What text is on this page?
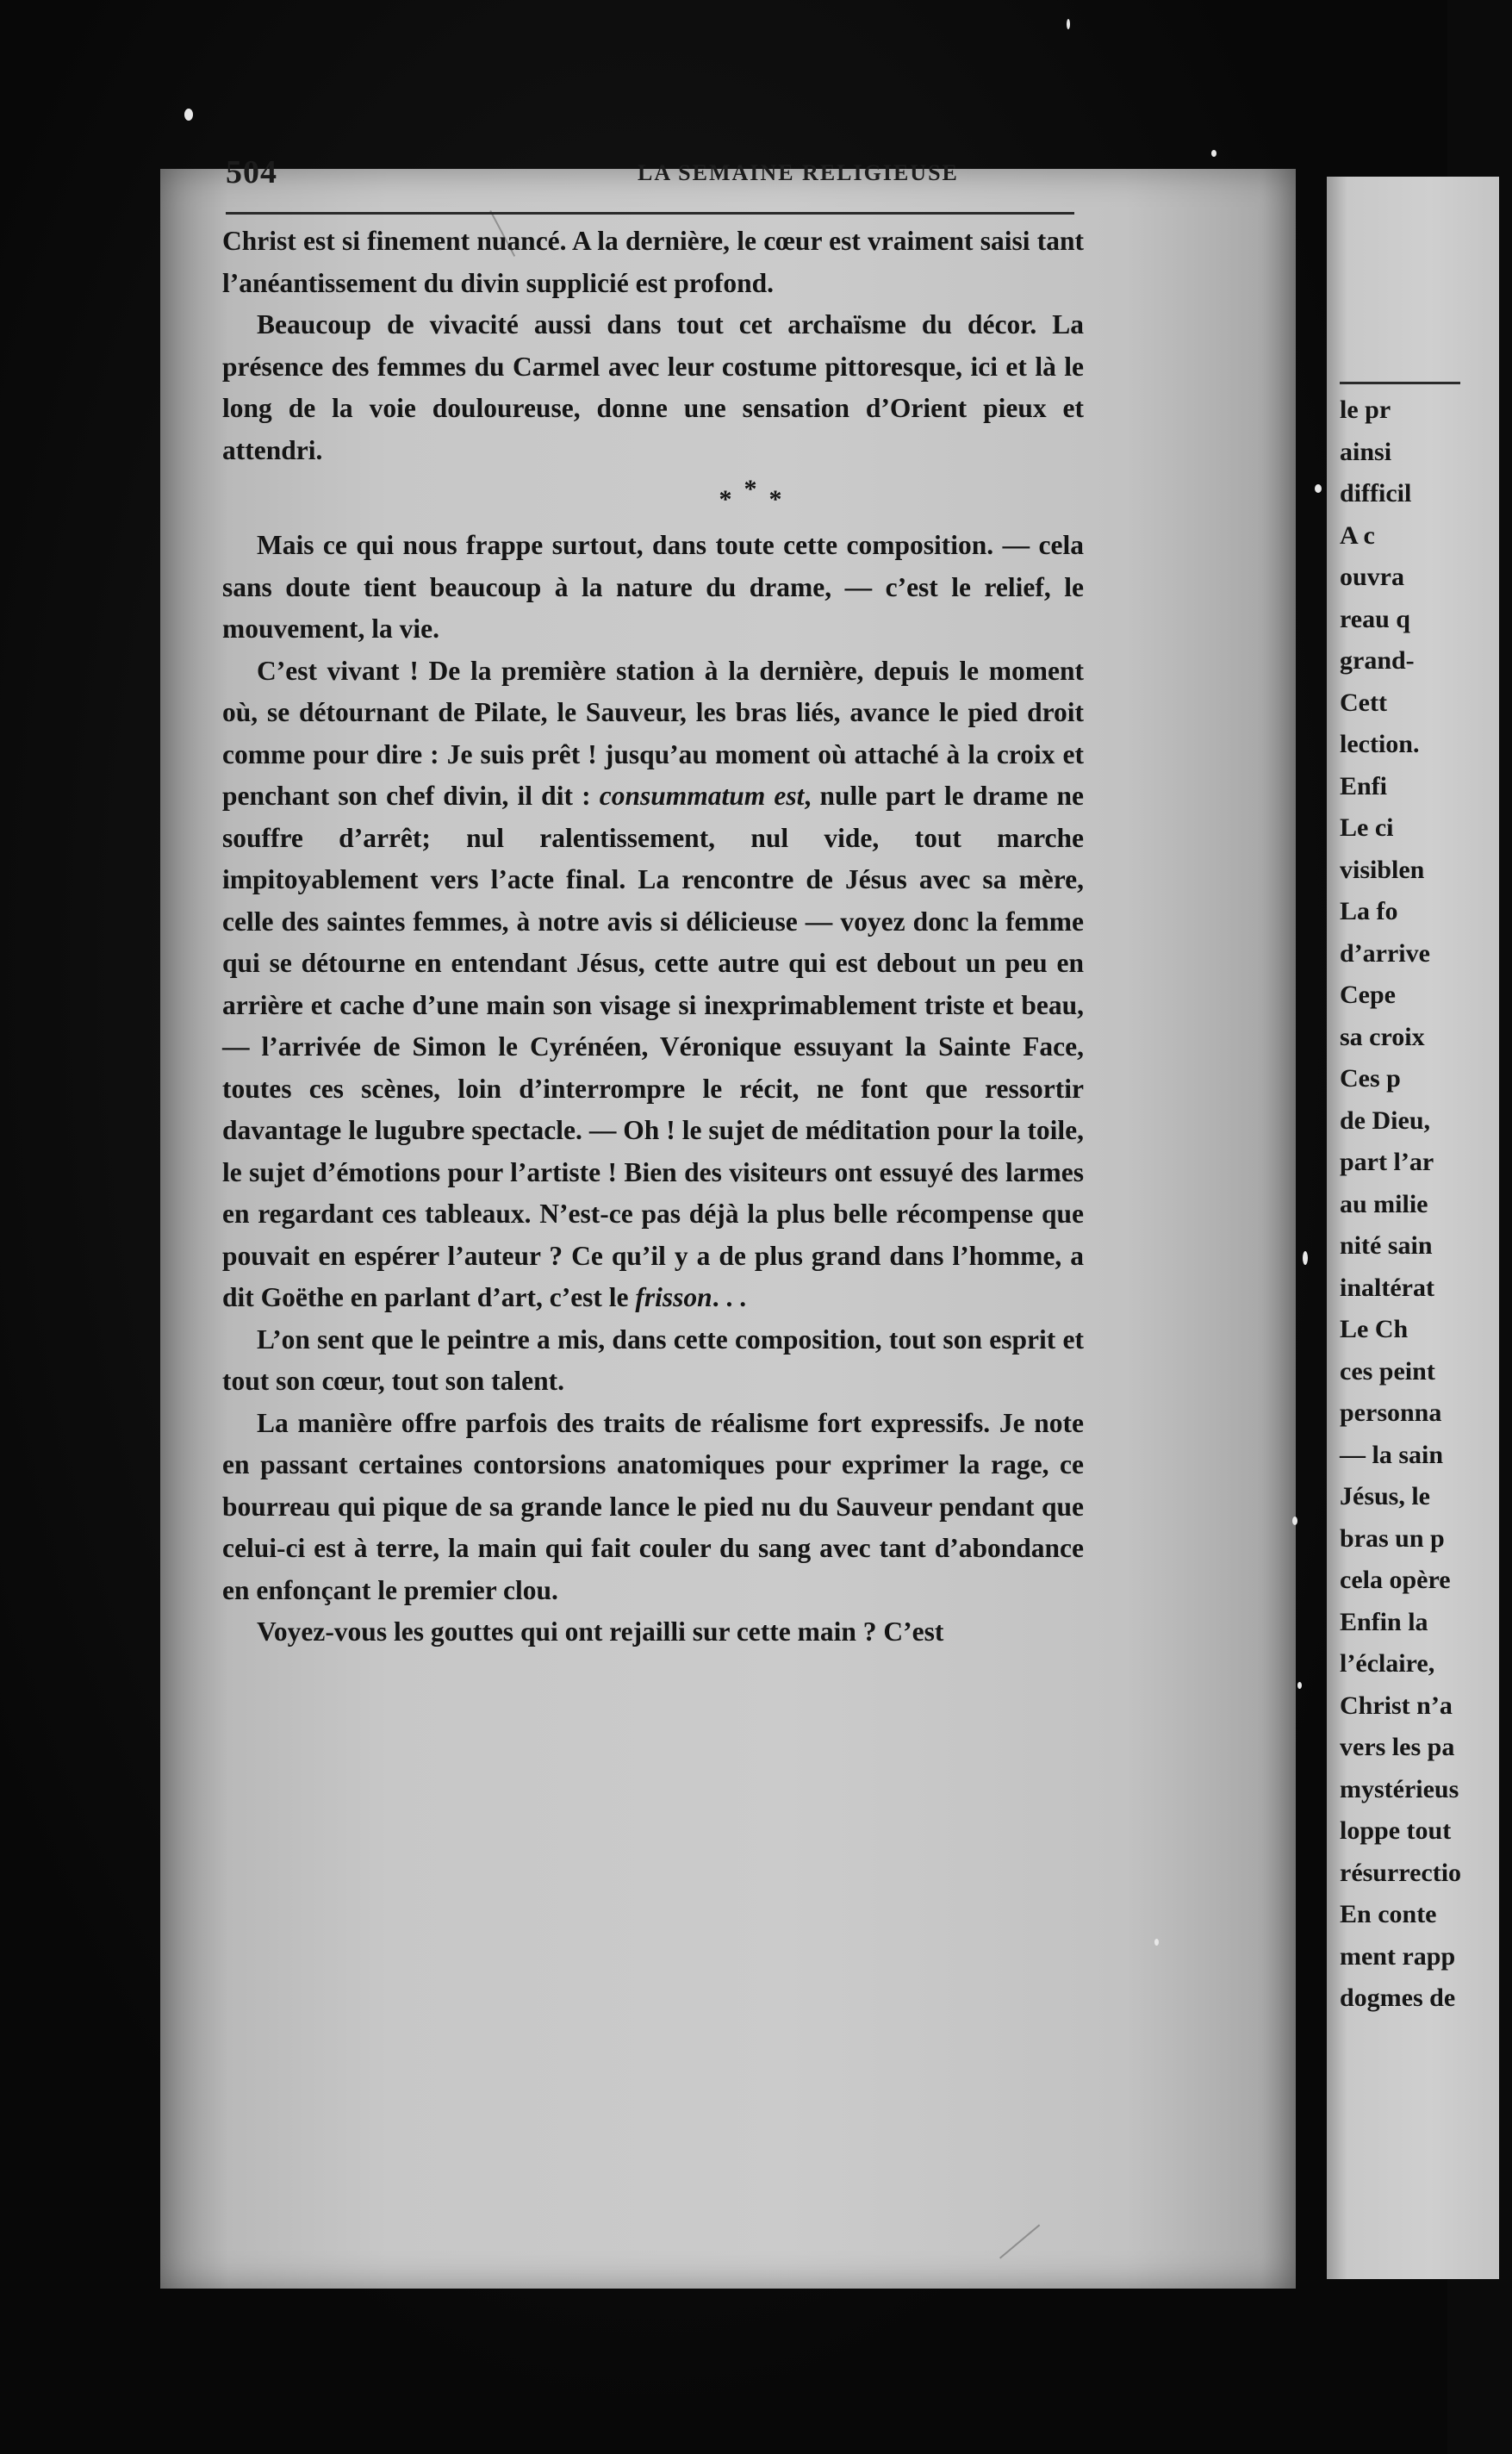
504	LA SEMAINE RELIGIEUSE

Christ est si finement nuancé. A la dernière, le cœur est vraiment saisi tant l’anéantissement du divin supplicié est profond.

Beaucoup de vivacité aussi dans tout cet archaïsme du décor. La présence des femmes du Carmel avec leur costume pittoresque, ici et là le long de la voie douloureuse, donne une sensation d’Orient pieux et attendri.

***

Mais ce qui nous frappe surtout, dans toute cette composition. — cela sans doute tient beaucoup à la nature du drame, — c’est le relief, le mouvement, la vie.

C’est vivant ! De la première station à la dernière, depuis le moment où, se détournant de Pilate, le Sauveur, les bras liés, avance le pied droit comme pour dire : Je suis prêt ! jusqu’au moment où attaché à la croix et penchant son chef divin, il dit : consummatum est, nulle part le drame ne souffre d’arrêt; nul ralentissement, nul vide, tout marche impitoyablement vers l’acte final. La rencontre de Jésus avec sa mère, celle des saintes femmes, à notre avis si délicieuse — voyez donc la femme qui se détourne en entendant Jésus, cette autre qui est debout un peu en arrière et cache d’une main son visage si inexprimablement triste et beau, — l’arrivée de Simon le Cyrénéen, Véronique essuyant la Sainte Face, toutes ces scènes, loin d’interrompre le récit, ne font que ressortir davantage le lugubre spectacle. — Oh ! le sujet de méditation pour la toile, le sujet d’émotions pour l’artiste ! Bien des visiteurs ont essuyé des larmes en regardant ces tableaux. N’est-ce pas déjà la plus belle récompense que pouvait en espérer l’auteur ? Ce qu’il y a de plus grand dans l’homme, a dit Goëthe en parlant d’art, c’est le frisson. . .

L’on sent que le peintre a mis, dans cette composition, tout son esprit et tout son cœur, tout son talent.

La manière offre parfois des traits de réalisme fort expressifs. Je note en passant certaines contorsions anatomiques pour exprimer la rage, ce bourreau qui pique de sa grande lance le pied nu du Sauveur pendant que celui-ci est à terre, la main qui fait couler du sang avec tant d’abondance en enfonçant le premier clou.

Voyez-vous les gouttes qui ont rejailli sur cette main ? C’est

le pr
ainsi
difficil
A c
ouvra
reau q
grand-
Cett
lection.
Enfi
Le ci
visiblen
La fo
d’arrive
Cepe
sa croix
Ces p
de Dieu,
part l’ar
au milie
nité sain
inaltérat
Le Ch
ces peint
personna
— la sain
Jésus, le
bras un p
cela opère
Enfin la
l’éclaire,
Christ n’a
vers les pa
mystérieus
loppe tout
résurrectio
En conte
ment rapp
dogmes de
